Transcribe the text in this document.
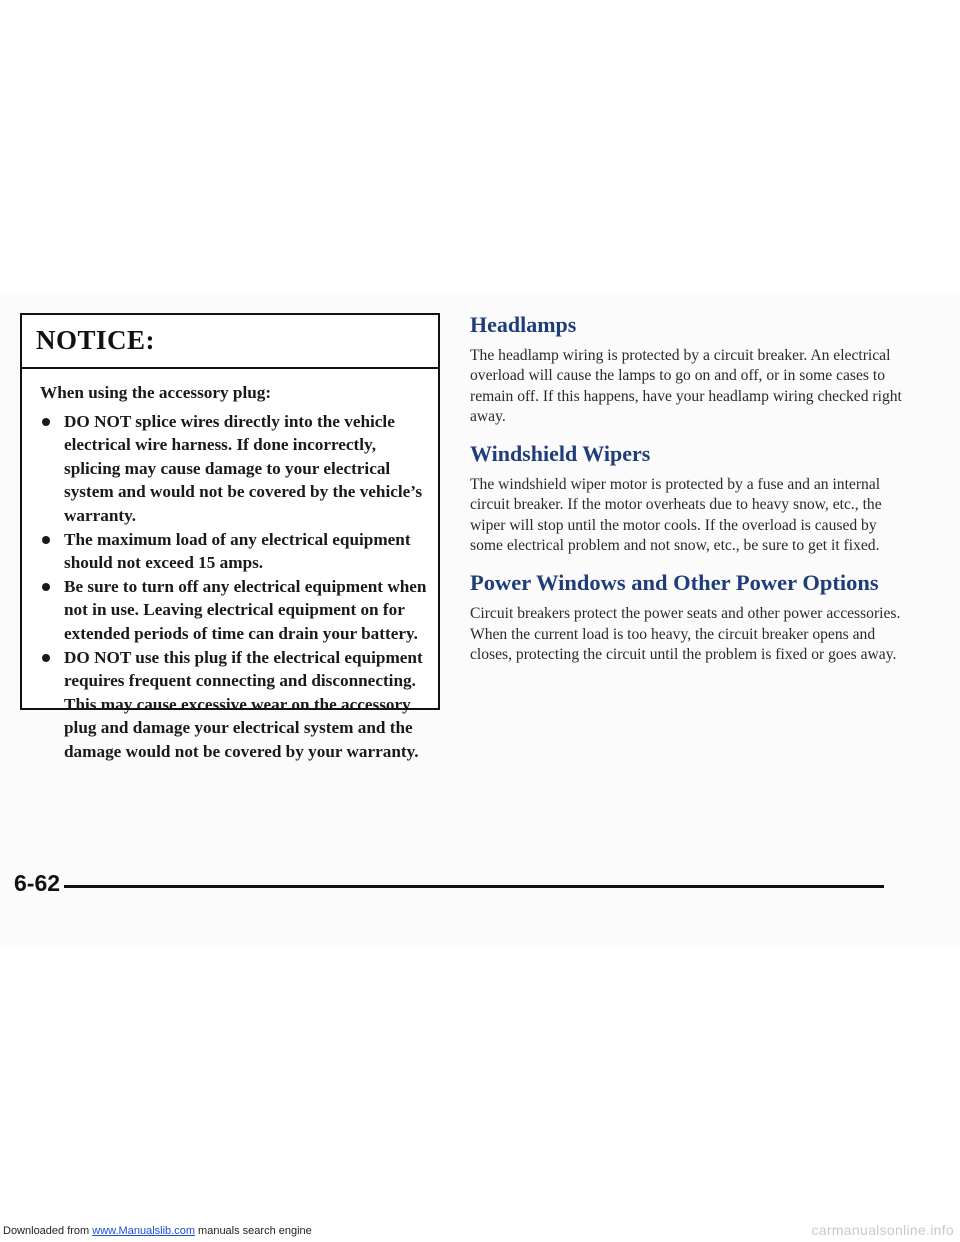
NOTICE:
When using the accessory plug:
DO NOT splice wires directly into the vehicle electrical wire harness. If done incorrectly, splicing may cause damage to your electrical system and would not be covered by the vehicle’s warranty.
The maximum load of any electrical equipment should not exceed 15 amps.
Be sure to turn off any electrical equipment when not in use. Leaving electrical equipment on for extended periods of time can drain your battery.
DO NOT use this plug if the electrical equipment requires frequent connecting and disconnecting. This may cause excessive wear on the accessory plug and damage your electrical system and the damage would not be covered by your warranty.
Headlamps

The headlamp wiring is protected by a circuit breaker. An electrical overload will cause the lamps to go on and off, or in some cases to remain off. If this happens, have your headlamp wiring checked right away.

Windshield Wipers

The windshield wiper motor is protected by a fuse and an internal circuit breaker. If the motor overheats due to heavy snow, etc., the wiper will stop until the motor cools. If the overload is caused by some electrical problem and not snow, etc., be sure to get it fixed.

Power Windows and Other Power Options

Circuit breakers protect the power seats and other power accessories. When the current load is too heavy, the circuit breaker opens and closes, protecting the circuit until the problem is fixed or goes away.

6-62
Downloaded from www.Manualslib.com manuals search engine	carmanualsonline.info
